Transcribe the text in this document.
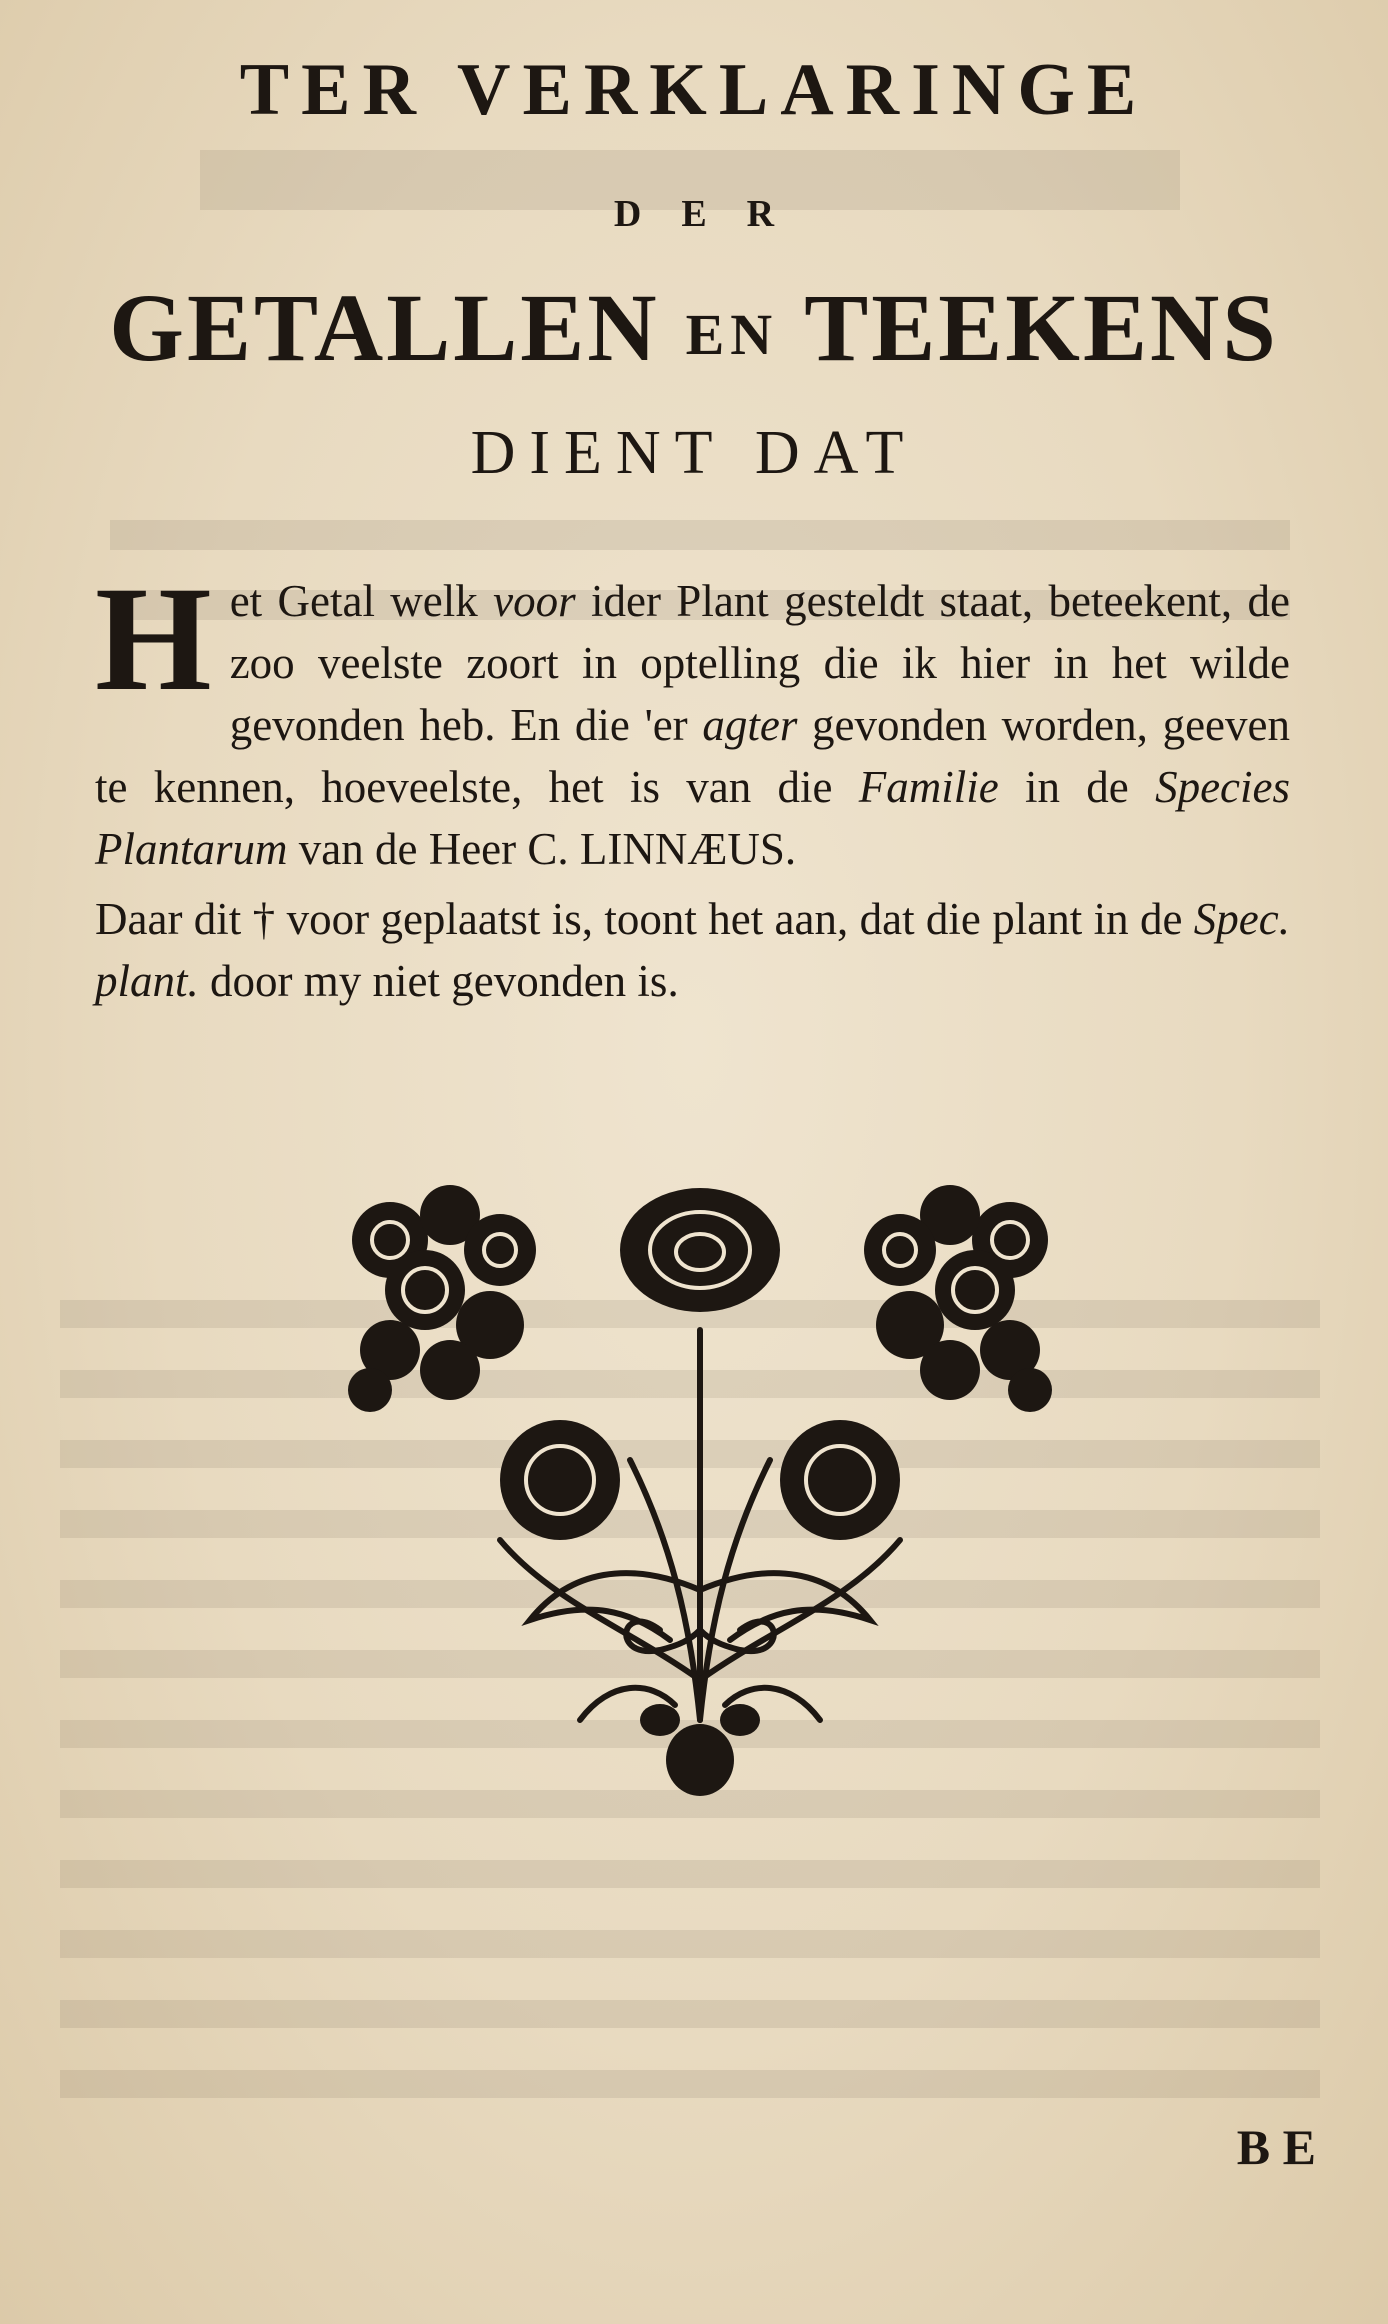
TER VERKLARINGE
DER
GETALLEN EN TEEKENS
DIENT DAT

Het Getal welk voor ider Plant gesteldt staat, beteekent, de zoo veelste zoort in optelling die ik hier in het wilde gevonden heb. En die 'er agter gevonden worden, geeven te kennen, hoeveelste, het is van die Familie in de Species Plantarum van de Heer C. LINNÆUS.

Daar dit † voor geplaatst is, toont het aan, dat die plant in de Spec. plant. door my niet gevonden is.

B E
